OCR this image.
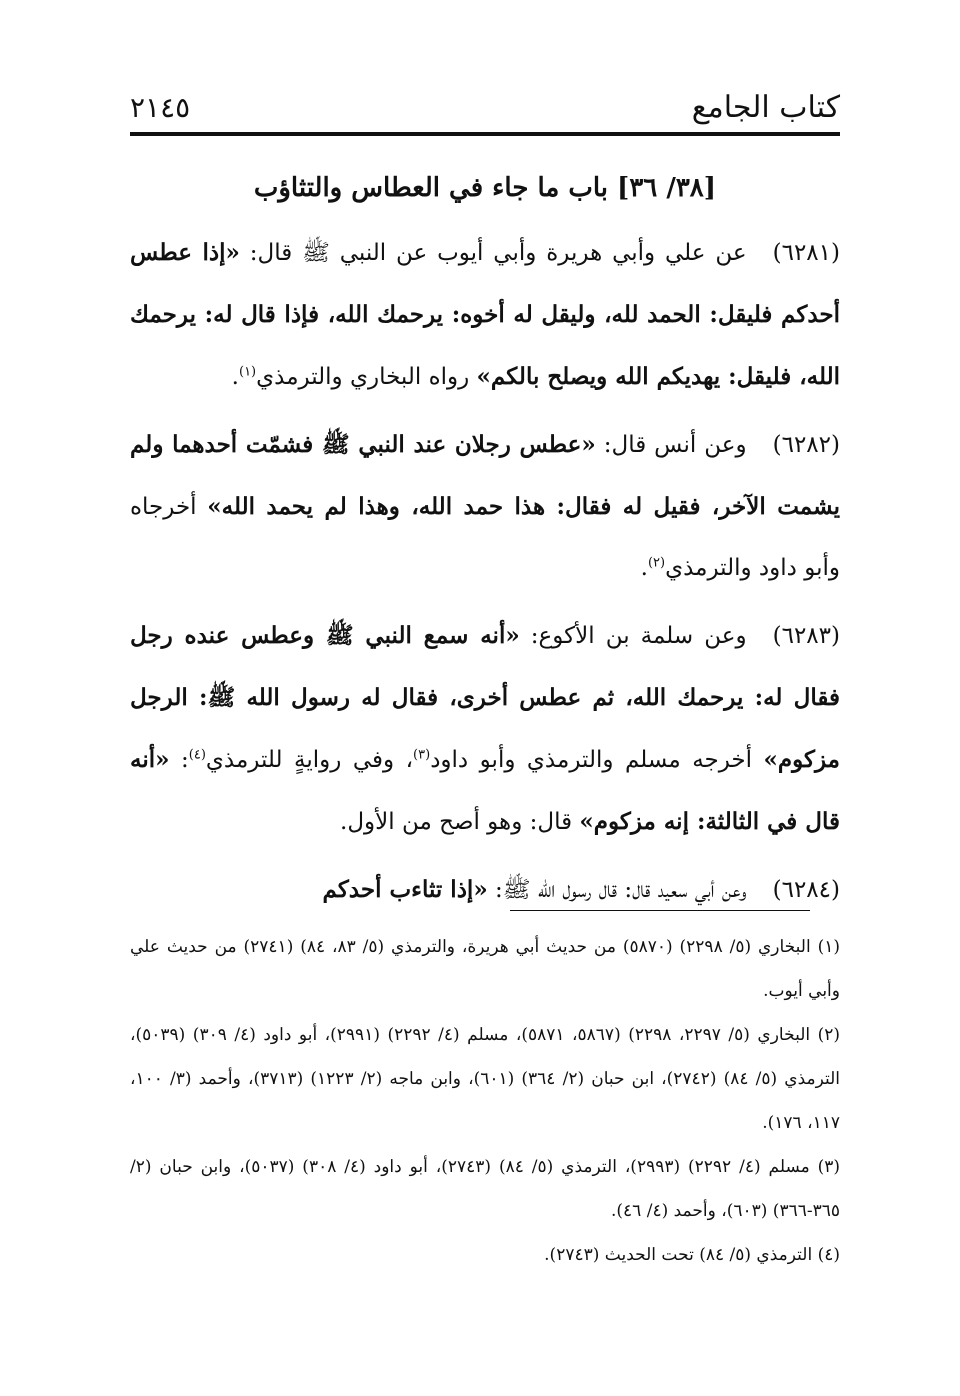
كتاب الجامع
٢١٤٥
[٣٨/ ٣٦] باب ما جاء في العطاس والتثاؤب

(٦٢٨١)عن علي وأبي هريرة وأبي أيوب عن النبي ﷺ قال: «إذا عطس أحدكم فليقل: الحمد لله، وليقل له أخوه: يرحمك الله، فإذا قال له: يرحمك الله، فليقل: يهديكم الله ويصلح بالكم» رواه البخاري والترمذي$^{(١)}$.

(٦٢٨٢)وعن أنس قال: «عطس رجلان عند النبي ﷺ فشمّت أحدهما ولم يشمت الآخر، فقيل له فقال: هذا حمد الله، وهذا لم يحمد الله» أخرجاه وأبو داود والترمذي$^{(٢)}$.

(٦٢٨٣)وعن سلمة بن الأكوع: «أنه سمع النبي ﷺ وعطس عنده رجل فقال له: يرحمك الله، ثم عطس أخرى، فقال له رسول الله ﷺ: الرجل مزكوم» أخرجه مسلم والترمذي وأبو داود$^{(٣)}$، وفي روايةٍ للترمذي$^{(٤)}$: «أنه قال في الثالثة: إنه مزكوم» قال: وهو أصح من الأول.

(٦٢٨٤)وعن أبي سعيد قال: قال رسول الله ﷺ: «إذا تثاءب أحدكم

(١) البخاري (٥/ ٢٢٩٨) (٥٨٧٠) من حديث أبي هريرة، والترمذي (٥/ ٨٣، ٨٤) (٢٧٤١) من حديث علي وأبي أيوب.

(٢) البخاري (٥/ ٢٢٩٧، ٢٢٩٨) (٥٨٦٧، ٥٨٧١)، مسلم (٤/ ٢٢٩٢) (٢٩٩١)، أبو داود (٤/ ٣٠٩) (٥٠٣٩)، الترمذي (٥/ ٨٤) (٢٧٤٢)، ابن حبان (٢/ ٣٦٤) (٦٠١)، وابن ماجه (٢/ ١٢٢٣) (٣٧١٣)، وأحمد (٣/ ١٠٠، ١١٧، ١٧٦).

(٣) مسلم (٤/ ٢٢٩٢) (٢٩٩٣)، الترمذي (٥/ ٨٤) (٢٧٤٣)، أبو داود (٤/ ٣٠٨) (٥٠٣٧)، وابن حبان (٢/ ٣٦٥-٣٦٦) (٦٠٣)، وأحمد (٤/ ٤٦).

(٤) الترمذي (٥/ ٨٤) تحت الحديث (٢٧٤٣).
